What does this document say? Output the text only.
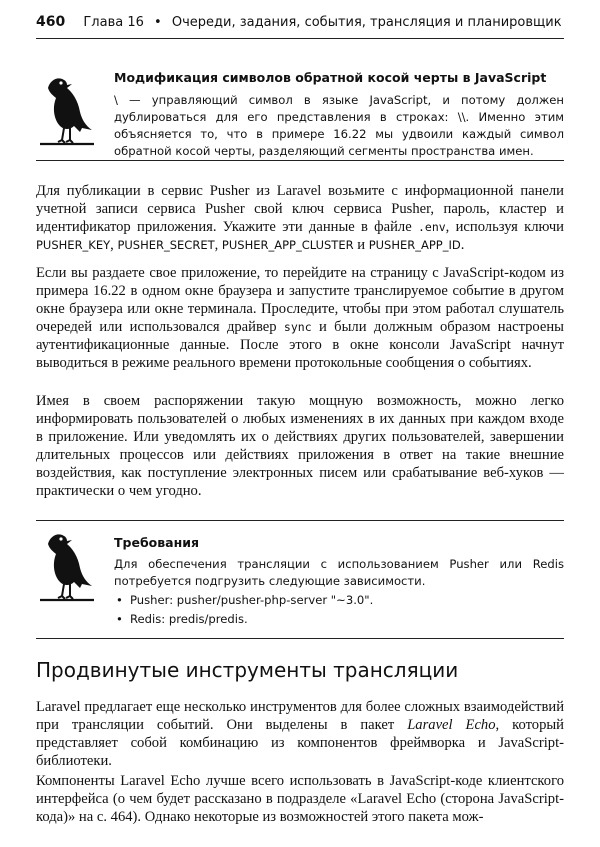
460 Глава 16 • Очереди, задания, события, трансляция и планировщик
Модификация символов обратной косой черты в JavaScript
\ — управляющий символ в языке JavaScript, и потому должен дублироваться для его представления в строках: \\. Именно этим объясняется то, что в примере 16.22 мы удвоили каждый символ обратной косой черты, разделяющий сегменты пространства имен.
Для публикации в сервис Pusher из Laravel возьмите с информационной панели учетной записи сервиса Pusher свой ключ сервиса Pusher, пароль, кластер и идентификатор приложения. Укажите эти данные в файле .env, используя ключи PUSHER_KEY, PUSHER_SECRET, PUSHER_APP_CLUSTER и PUSHER_APP_ID.
Если вы раздаете свое приложение, то перейдите на страницу с JavaScript-кодом из примера 16.22 в одном окне браузера и запустите транслируемое событие в другом окне браузера или окне терминала. Проследите, чтобы при этом работал слушатель очередей или использовался драйвер sync и были должным образом настроены аутентификационные данные. После этого в окне консоли JavaScript начнут выводиться в режиме реального времени протокольные сообщения о событиях.
Имея в своем распоряжении такую мощную возможность, можно легко информировать пользователей о любых изменениях в их данных при каждом входе в приложение. Или уведомлять их о действиях других пользователей, завершении длительных процессов или действиях приложения в ответ на такие внешние воздействия, как поступление электронных писем или срабатывание веб-хуков — практически о чем угодно.
Требования
Для обеспечения трансляции с использованием Pusher или Redis потребуется подгрузить следующие зависимости.
• Pusher: pusher/pusher-php-server "~3.0".
• Redis: predis/predis.
Продвинутые инструменты трансляции
Laravel предлагает еще несколько инструментов для более сложных взаимодействий при трансляции событий. Они выделены в пакет Laravel Echo, который представляет собой комбинацию из компонентов фреймворка и JavaScript-библиотеки.
Компоненты Laravel Echo лучше всего использовать в JavaScript-коде клиентского интерфейса (о чем будет рассказано в подразделе «Laravel Echo (сторона JavaScript-кода)» на с. 464). Однако некоторые из возможностей этого пакета мож-
